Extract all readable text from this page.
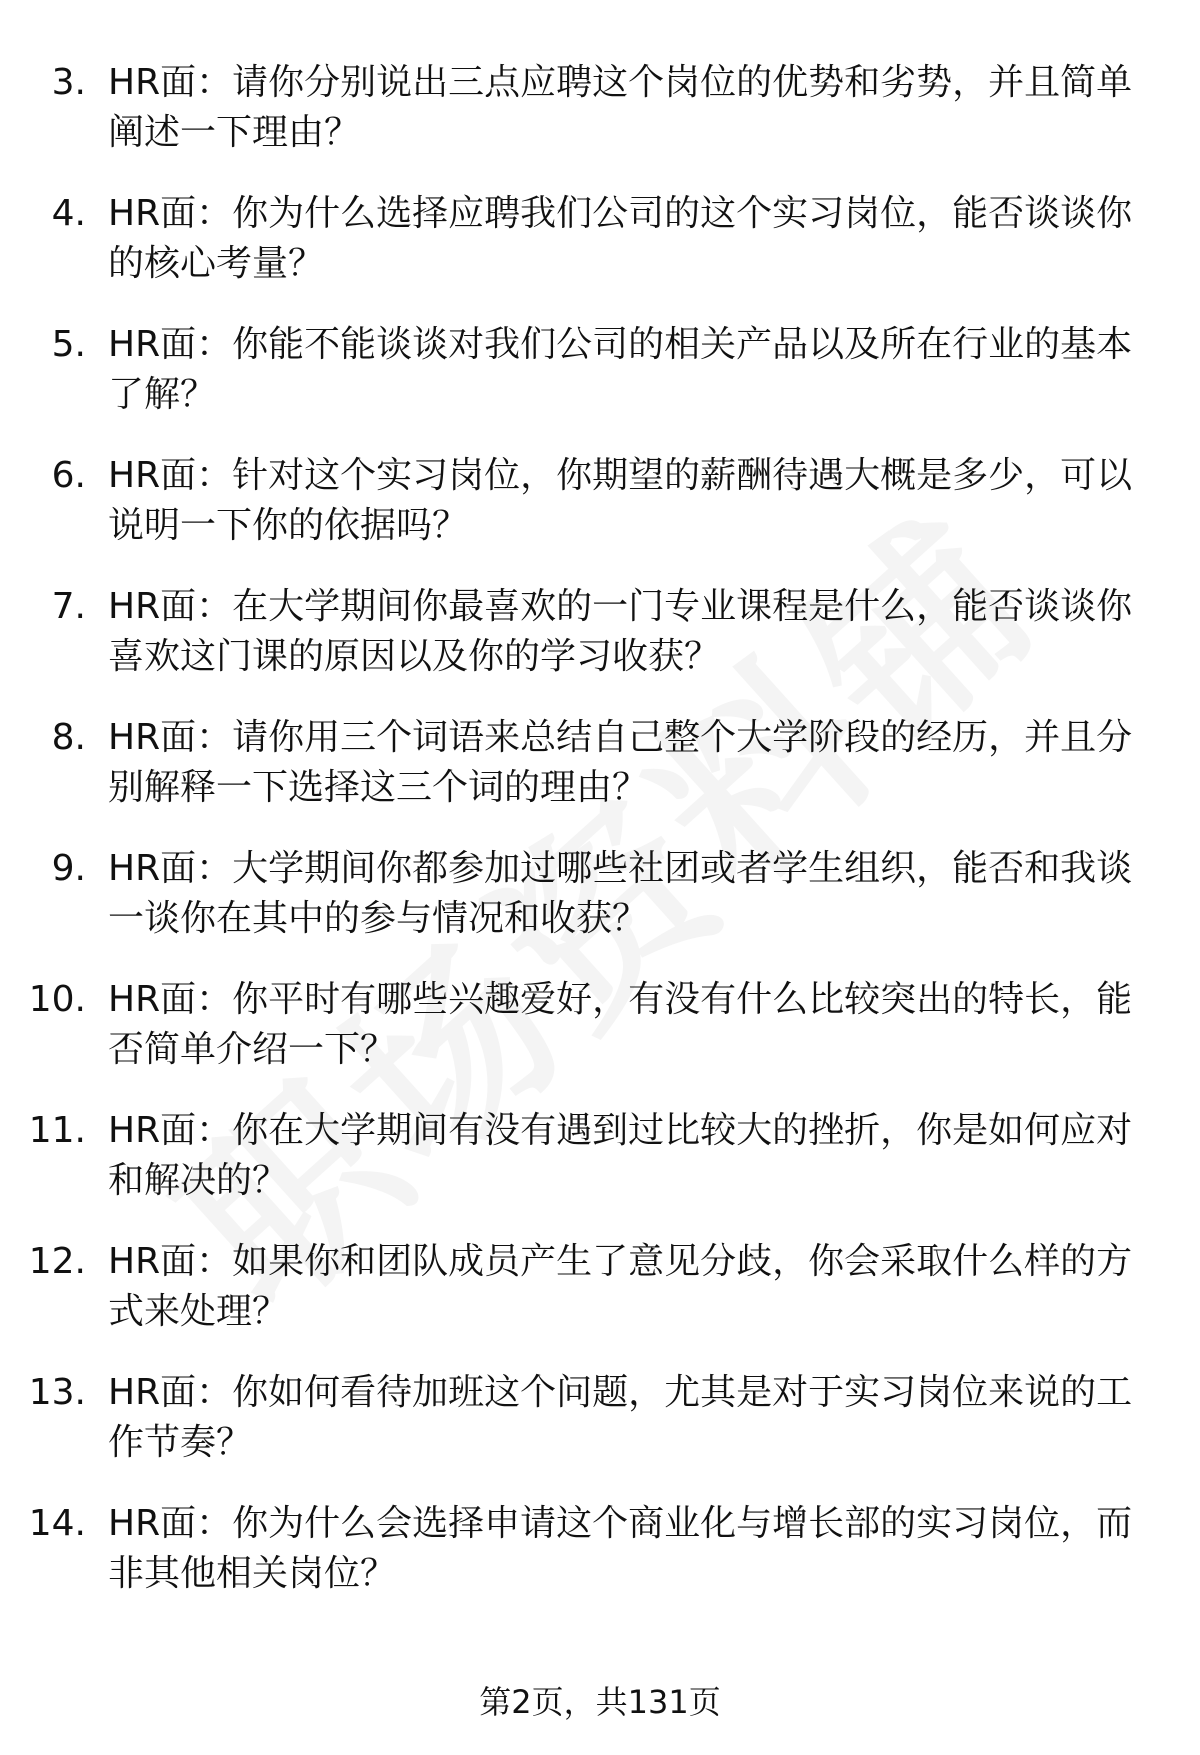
3. HR面：请你分别说出三点应聘这个岗位的优势和劣势，并且简单阐述一下理由？
4. HR面：你为什么选择应聘我们公司的这个实习岗位，能否谈谈你的核心考量？
5. HR面：你能不能谈谈对我们公司的相关产品以及所在行业的基本了解？
6. HR面：针对这个实习岗位，你期望的薪酬待遇大概是多少，可以说明一下你的依据吗？
7. HR面：在大学期间你最喜欢的一门专业课程是什么，能否谈谈你喜欢这门课的原因以及你的学习收获？
8. HR面：请你用三个词语来总结自己整个大学阶段的经历，并且分别解释一下选择这三个词的理由？
9. HR面：大学期间你都参加过哪些社团或者学生组织，能否和我谈一谈你在其中的参与情况和收获？
10. HR面：你平时有哪些兴趣爱好，有没有什么比较突出的特长，能否简单介绍一下？
11. HR面：你在大学期间有没有遇到过比较大的挫折，你是如何应对和解决的？
12. HR面：如果你和团队成员产生了意见分歧，你会采取什么样的方式来处理？
13. HR面：你如何看待加班这个问题，尤其是对于实习岗位来说的工作节奏？
14. HR面：你为什么会选择申请这个商业化与增长部的实习岗位，而非其他相关岗位？
第2页，共131页
